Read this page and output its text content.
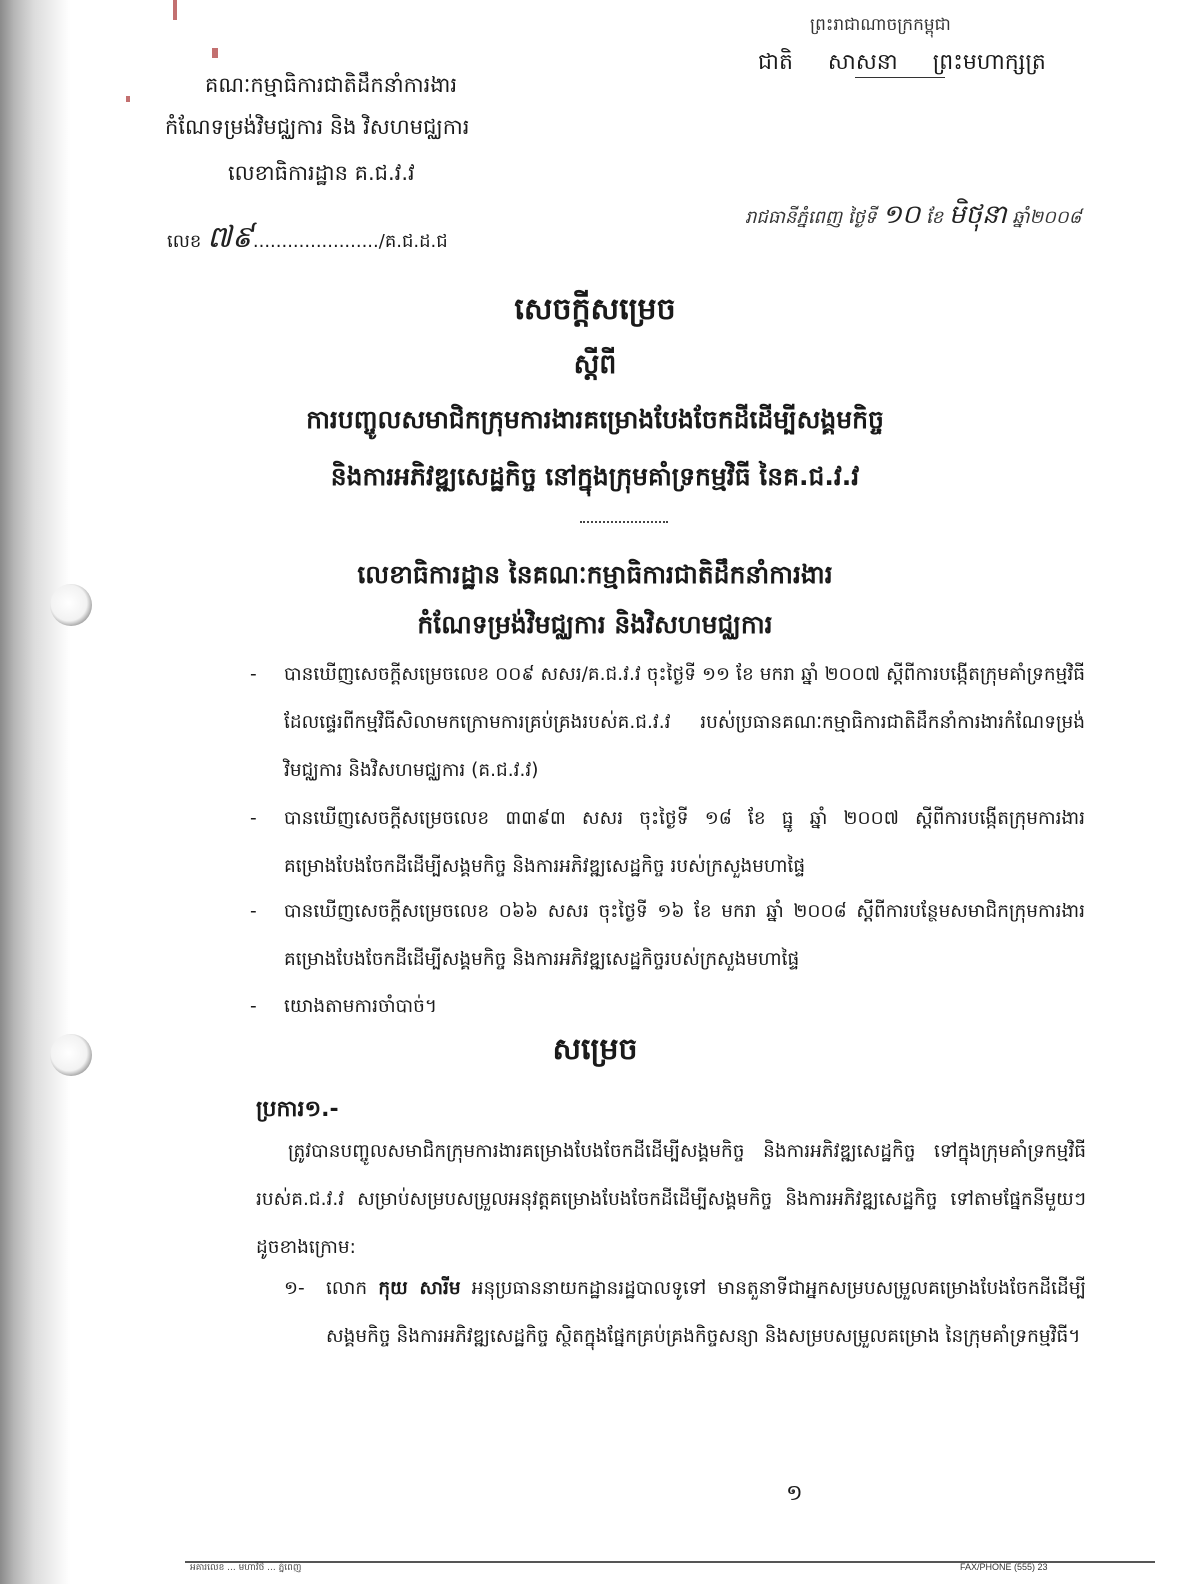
ព្រះរាជាណាចក្រកម្ពុជា
ជាតិ សាសនា ព្រះមហាក្សត្រ
គណៈកម្មាធិការជាតិដឹកនាំការងារ
កំណែទម្រង់វិមជ្ឈការ និង វិសហមជ្ឈការ
លេខាធិការដ្ឋាន គ.ជ.វ.វ
លេខ ៧៩....................../គ.ជ.ដ.ជ
រាជធានីភ្នំពេញ ថ្ងៃទី ១០ ខែ មិថុនា ឆ្នាំ២០០៨
សេចក្តីសម្រេច
ស្តីពី
ការបញ្ចូលសមាជិកក្រុមការងារគម្រោងបែងចែកដីដើម្បីសង្គមកិច្ច
និងការអភិវឌ្ឍសេដ្ឋកិច្ច នៅក្នុងក្រុមគាំទ្រកម្មវិធី នៃគ.ជ.វ.វ
លេខាធិការដ្ឋាន នៃគណៈកម្មាធិការជាតិដឹកនាំការងារ
កំណែទម្រង់វិមជ្ឈការ និងវិសហមជ្ឈការ
- បានឃើញសេចក្តីសម្រេចលេខ ០០៩ សសរ/គ.ជ.វ.វ ចុះថ្ងៃទី ១១ ខែ មករា ឆ្នាំ ២០០៧ ស្តីពីការបង្កើតក្រុមគាំទ្រកម្មវិធី ដែលផ្ទេរពីកម្មវិធីសិលាមកក្រោមការគ្រប់គ្រងរបស់គ.ជ.វ.វ របស់ប្រធានគណៈកម្មាធិការជាតិដឹកនាំការងារកំណែទម្រង់វិមជ្ឈការ និងវិសហមជ្ឈការ (គ.ជ.វ.វ)
- បានឃើញសេចក្តីសម្រេចលេខ ៣៣៩៣ សសរ ចុះថ្ងៃទី ១៨ ខែ ធ្នូ ឆ្នាំ ២០០៧ ស្តីពីការបង្កើតក្រុមការងារគម្រោងបែងចែកដីដើម្បីសង្គមកិច្ច និងការអភិវឌ្ឍសេដ្ឋកិច្ច របស់ក្រសួងមហាផ្ទៃ
- បានឃើញសេចក្តីសម្រេចលេខ ០៦៦ សសរ ចុះថ្ងៃទី ១៦ ខែ មករា ឆ្នាំ ២០០៨ ស្តីពីការបន្ថែមសមាជិកក្រុមការងារគម្រោងបែងចែកដីដើម្បីសង្គមកិច្ច និងការអភិវឌ្ឍសេដ្ឋកិច្ចរបស់ក្រសួងមហាផ្ទៃ
- យោងតាមការចាំបាច់។
សម្រេច
ប្រការ១.-
ត្រូវបានបញ្ចូលសមាជិកក្រុមការងារគម្រោងបែងចែកដីដើម្បីសង្គមកិច្ច និងការអភិវឌ្ឍសេដ្ឋកិច្ច ទៅក្នុងក្រុមគាំទ្រកម្មវិធី របស់គ.ជ.វ.វ សម្រាប់សម្របសម្រួលអនុវត្តគម្រោងបែងចែកដីដើម្បីសង្គមកិច្ច និងការអភិវឌ្ឍសេដ្ឋកិច្ច ទៅតាមផ្នែកនីមួយៗ ដូចខាងក្រោម:
១- លោក កុយ សារីម អនុប្រធាននាយកដ្ឋានរដ្ឋបាលទូទៅ មានតួនាទីជាអ្នកសម្របសម្រួលគម្រោងបែងចែកដីដើម្បីសង្គមកិច្ច និងការអភិវឌ្ឍសេដ្ឋកិច្ច ស្ថិតក្នុងផ្នែកគ្រប់គ្រងកិច្ចសន្យា និងសម្របសម្រួលគម្រោង នៃក្រុមគាំទ្រកម្មវិធី។
១
អគារលេខ ... មហាវិថី ... ភ្នំពេញ	FAX/PHONE (555) 23
